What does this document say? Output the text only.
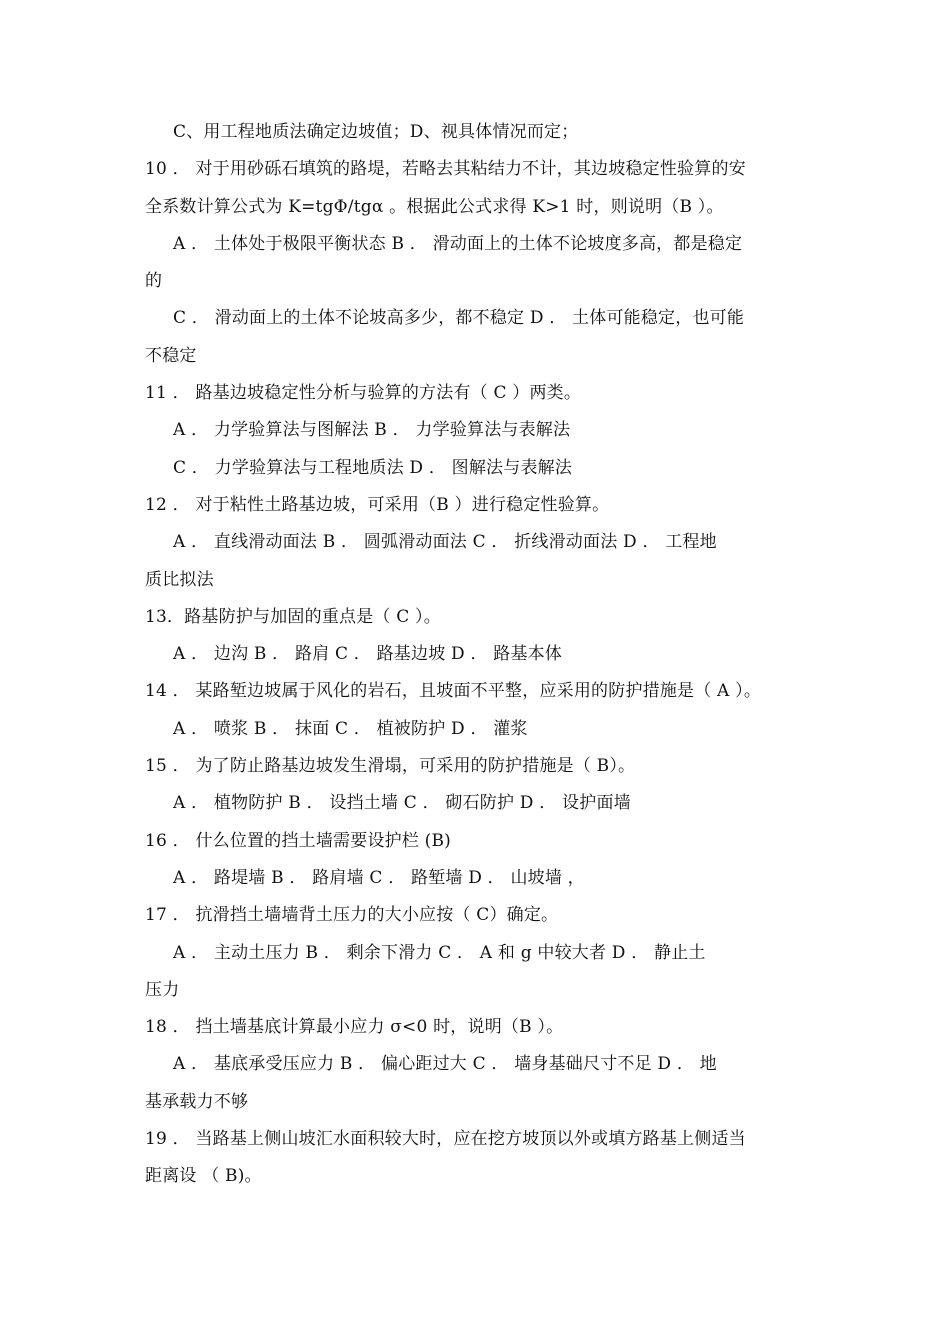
C、用工程地质法确定边坡值；D、视具体情况而定；
10 ． 对于用砂砾石填筑的路堤，若略去其粘结力不计，其边坡稳定性验算的安
全系数计算公式为 K=tgΦ/tgα 。根据此公式求得 K>1 时，则说明（B ）。
A ． 土体处于极限平衡状态 B ． 滑动面上的土体不论坡度多高，都是稳定
的
C ． 滑动面上的土体不论坡高多少，都不稳定 D ． 土体可能稳定，也可能
不稳定
11 ． 路基边坡稳定性分析与验算的方法有（ C ）两类。
A ． 力学验算法与图解法 B ． 力学验算法与表解法
C ． 力学验算法与工程地质法 D ． 图解法与表解法
12 ． 对于粘性土路基边坡，可采用（B ）进行稳定性验算。
A ． 直线滑动面法 B ． 圆弧滑动面法 C ． 折线滑动面法 D ． 工程地
质比拟法
13．路基防护与加固的重点是（ C ）。
A ． 边沟 B ． 路肩 C ． 路基边坡 D ． 路基本体
14 ． 某路堑边坡属于风化的岩石，且坡面不平整，应采用的防护措施是（ A ）。
A ． 喷浆 B ． 抹面 C ． 植被防护 D ． 灌浆
15 ． 为了防止路基边坡发生滑塌，可采用的防护措施是（ B）。
A ． 植物防护 B ． 设挡土墙 C ． 砌石防护 D ． 设护面墙
16 ． 什么位置的挡土墙需要设护栏 (B)
A ． 路堤墙 B ． 路肩墙 C ． 路堑墙 D ． 山坡墙 ，
17 ． 抗滑挡土墙墙背土压力的大小应按（ C）确定。
A ． 主动土压力 B ． 剩余下滑力 C ． A 和 g 中较大者 D ． 静止土
压力
18 ． 挡土墙基底计算最小应力 σ<0 时，说明（B ）。
A ． 基底承受压应力 B ． 偏心距过大 C ． 墙身基础尺寸不足 D ． 地
基承载力不够
19 ． 当路基上侧山坡汇水面积较大时，应在挖方坡顶以外或填方路基上侧适当
距离设 （ B)。
